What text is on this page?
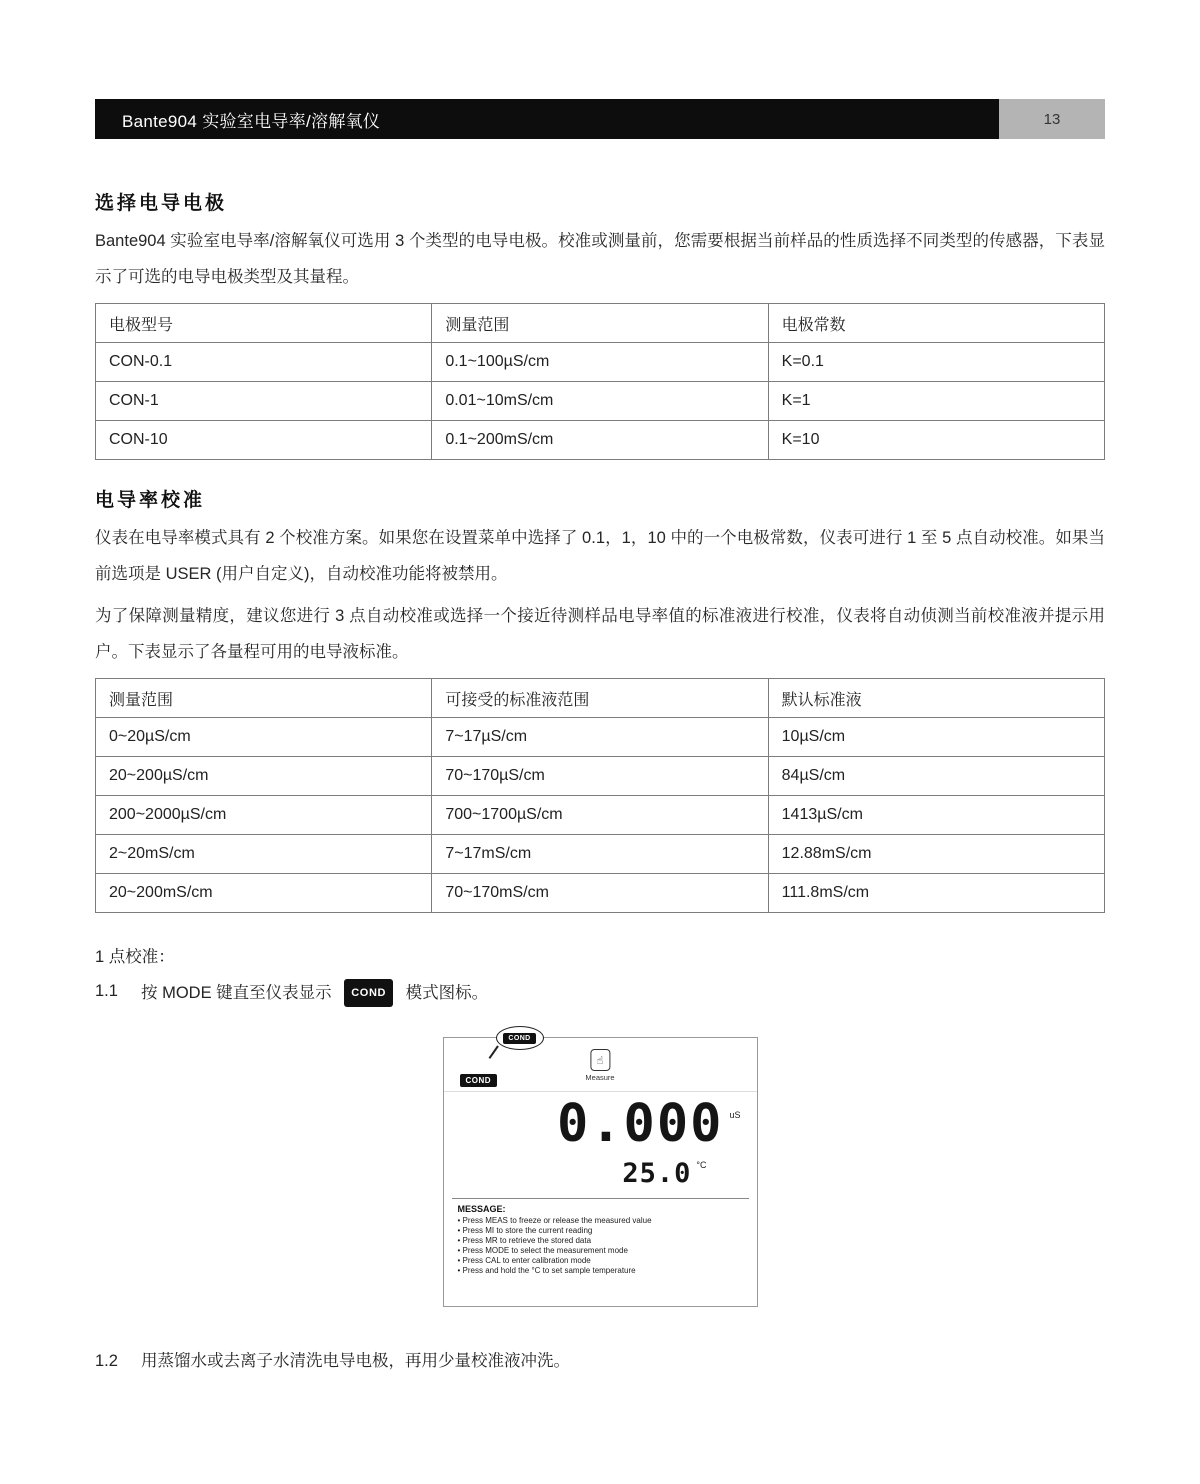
Bante904 实验室电导率/溶解氧仪	13
选择电导电极

Bante904 实验室电导率/溶解氧仪可选用 3 个类型的电导电极。校准或测量前，您需要根据当前样品的性质选择不同类型的传感器，下表显示了可选的电导电极类型及其量程。

电极型号	测量范围	电极常数
CON-0.1	0.1~100µS/cm	K=0.1
CON-1	0.01~10mS/cm	K=1
CON-10	0.1~200mS/cm	K=10
电导率校准

仪表在电导率模式具有 2 个校准方案。如果您在设置菜单中选择了 0.1，1，10 中的一个电极常数，仪表可进行 1 至 5 点自动校准。如果当前选项是 USER (用户自定义)，自动校准功能将被禁用。

为了保障测量精度，建议您进行 3 点自动校准或选择一个接近待测样品电导率值的标准液进行校准，仪表将自动侦测当前校准液并提示用户。下表显示了各量程可用的电导液标准。

测量范围	可接受的标准液范围	默认标准液
0~20µS/cm	7~17µS/cm	10µS/cm
20~200µS/cm	70~170µS/cm	84µS/cm
200~2000µS/cm	700~1700µS/cm	1413µS/cm
2~20mS/cm	7~17mS/cm	12.88mS/cm
20~200mS/cm	70~170mS/cm	111.8mS/cm

1 点校准：

1.1	按 MODE 键直至仪表显示 COND 模式图标。
COND
COND
☝
Measure
0.000 uS
25.0 °C
MESSAGE:
• Press MEAS to freeze or release the measured value
• Press MI to store the current reading
• Press MR to retrieve the stored data
• Press MODE to select the measurement mode
• Press CAL to enter calibration mode
• Press and hold the °C to set sample temperature
1.2	用蒸馏水或去离子水清洗电导电极，再用少量校准液冲洗。
